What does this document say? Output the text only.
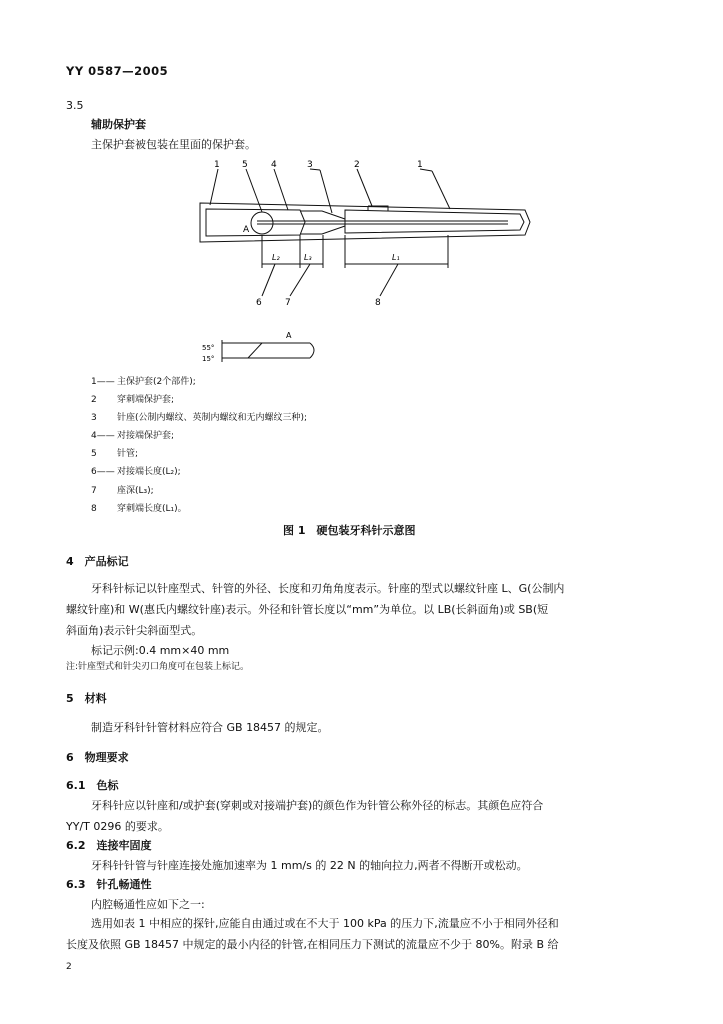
YY 0587—2005
3.5
辅助保护套
主保护套被包装在里面的保护套。
1 5	4	3	2	1
A
L₂	L₃	L₁
6	7	8
A
55°
15°
1—— 主保护套(2个部件);
2 穿刺端保护套;
3 针座(公制内螺纹、英制内螺纹和无内螺纹三种);
4—— 对接端保护套;
5 针管;
6—— 对接端长度(L₂);
7 座深(L₃);
8 穿刺端长度(L₁)。
图 1　硬包装牙科针示意图
4　产品标记
牙科针标记以针座型式、针管的外径、长度和刃角角度表示。针座的型式以螺纹针座 L、G(公制内
螺纹针座)和 W(惠氏内螺纹针座)表示。外径和针管长度以“mm”为单位。以 LB(长斜面角)或 SB(短
斜面角)表示针尖斜面型式。
标记示例:0.4 mm×40 mm
注:针座型式和针尖刃口角度可在包装上标记。
5　材料
制造牙科针针管材料应符合 GB 18457 的规定。
6　物理要求
6.1　色标
牙科针应以针座和/或护套(穿刺或对接端护套)的颜色作为针管公称外径的标志。其颜色应符合
YY/T 0296 的要求。
6.2　连接牢固度
牙科针针管与针座连接处施加速率为 1 mm/s 的 22 N 的轴向拉力,两者不得断开或松动。
6.3　针孔畅通性
内腔畅通性应如下之一:
选用如表 1 中相应的探针,应能自由通过或在不大于 100 kPa 的压力下,流量应不小于相同外径和
长度及依照 GB 18457 中规定的最小内径的针管,在相同压力下测试的流量应不少于 80%。附录 B 给
2
